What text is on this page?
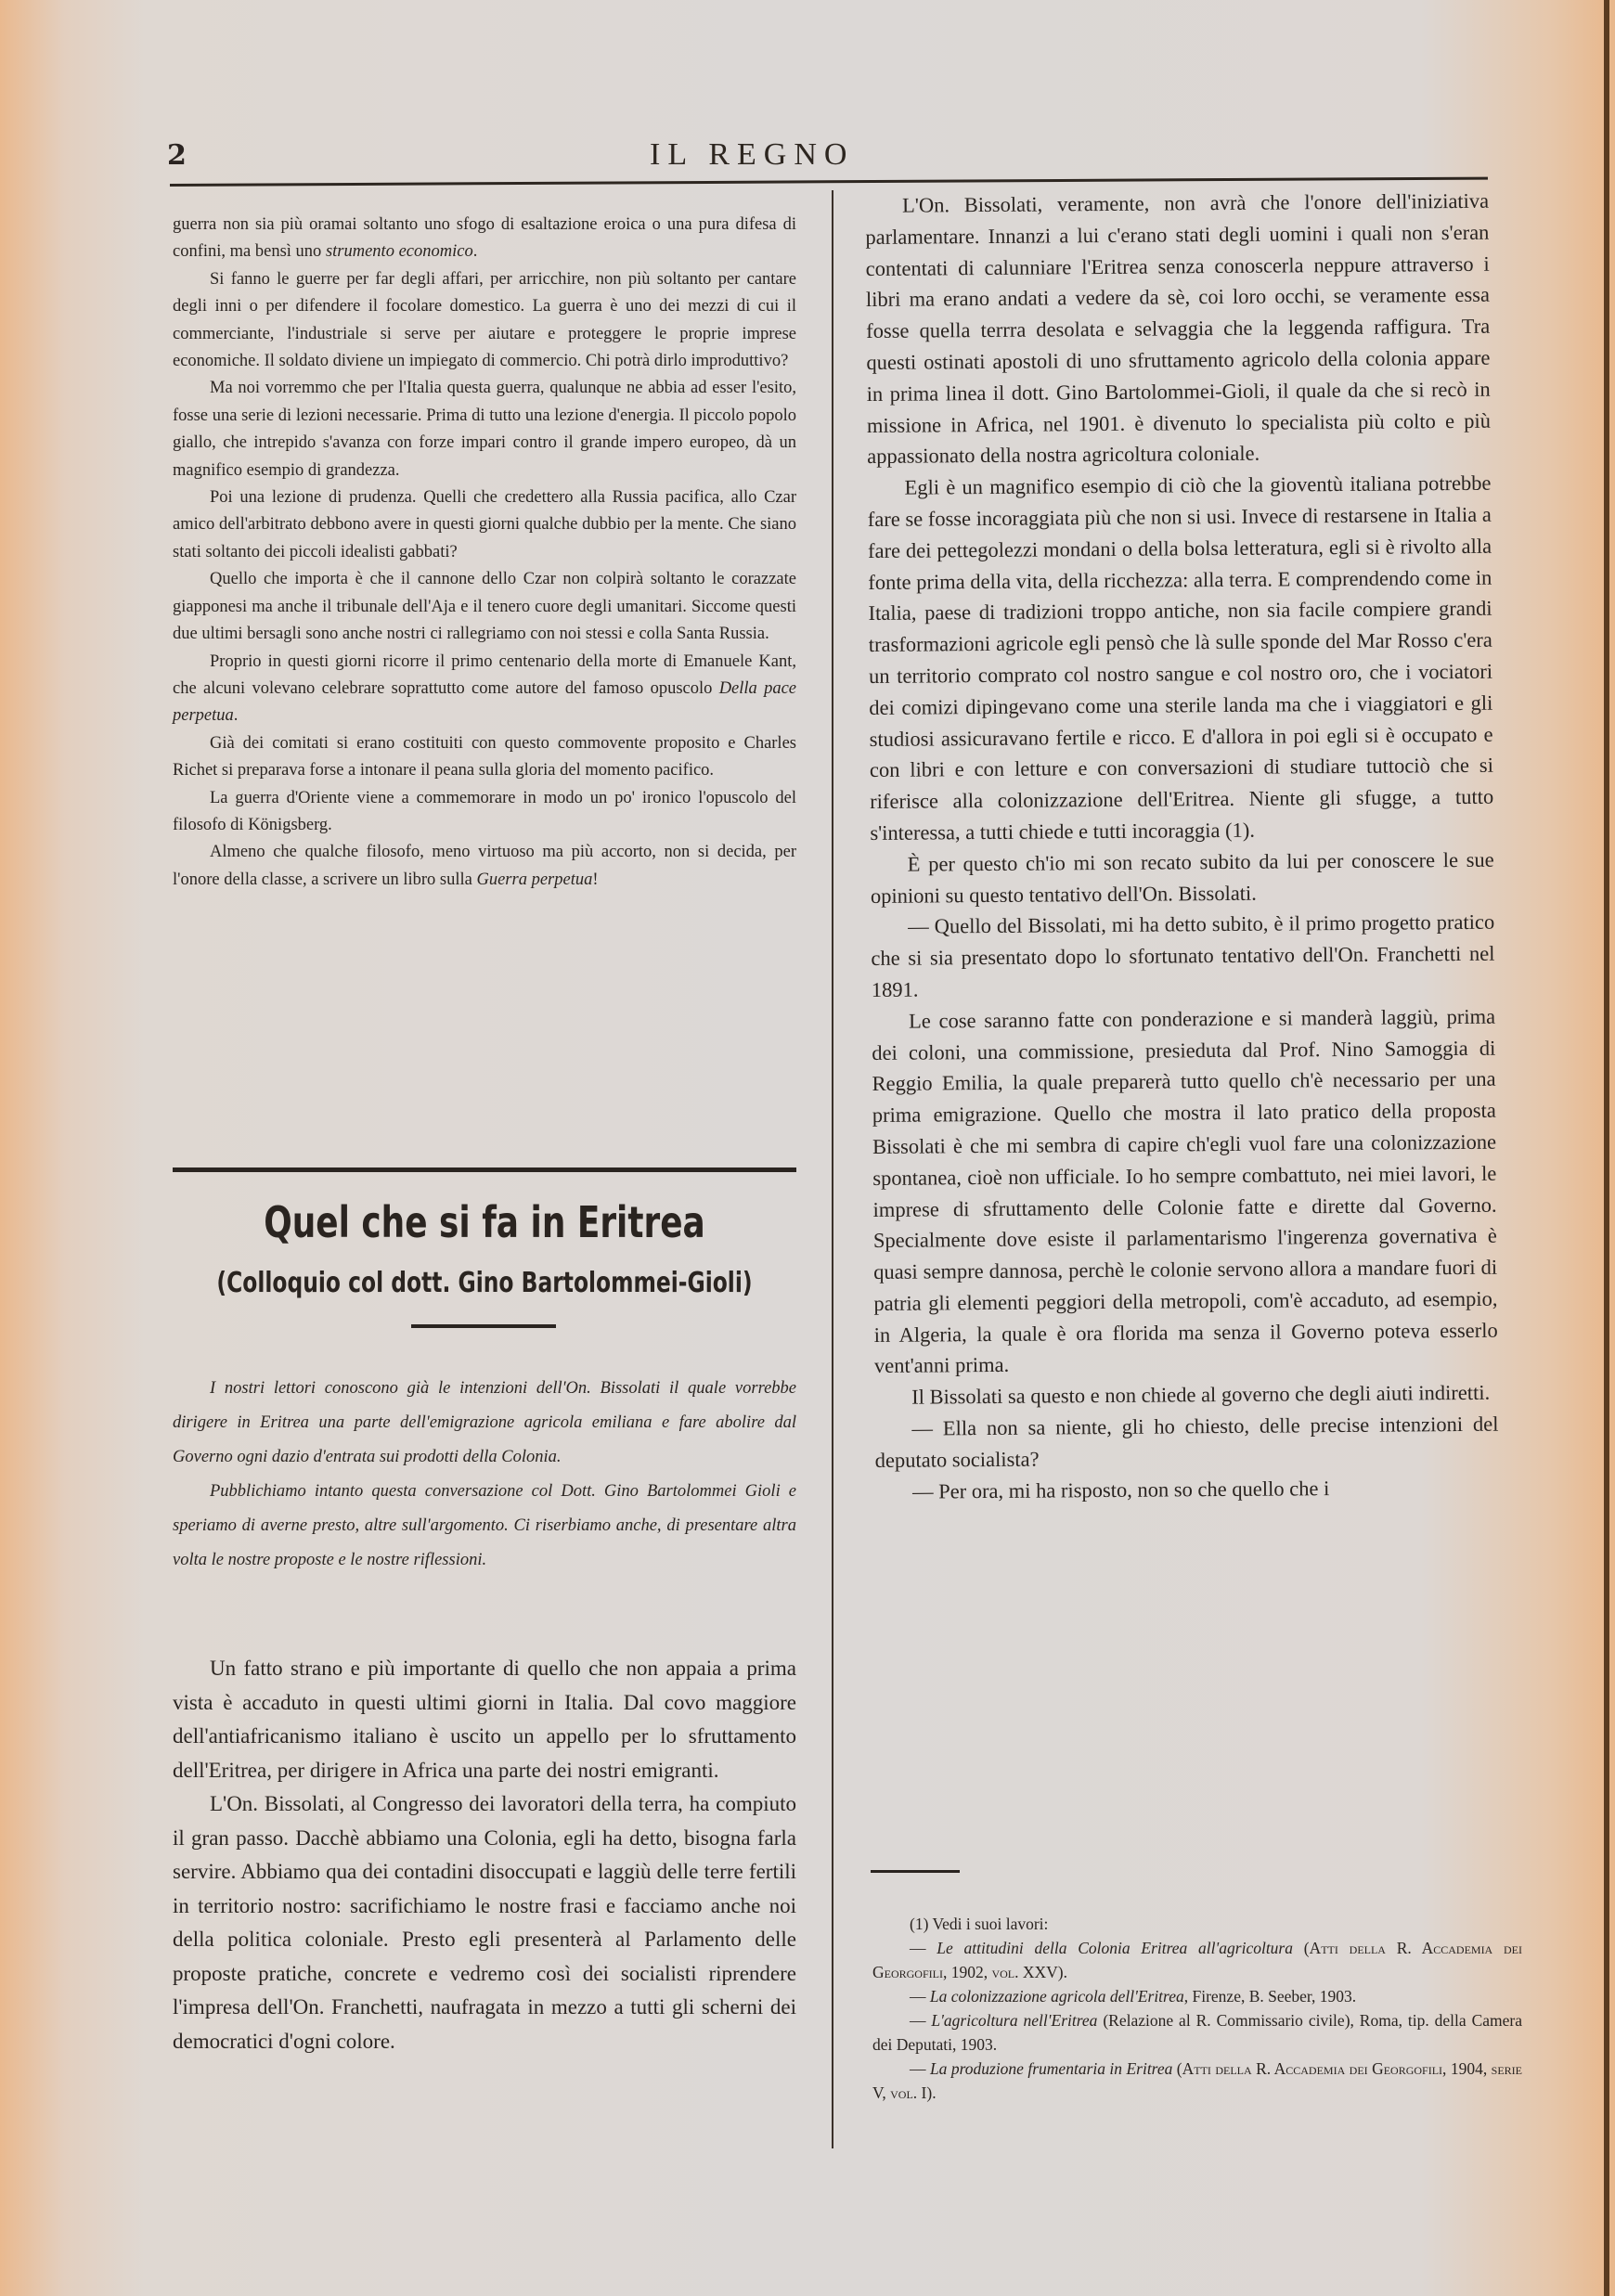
2	IL REGNO

guerra non sia più oramai soltanto uno sfogo di esaltazione eroica o una pura difesa di confini, ma bensì uno strumento economico.

Si fanno le guerre per far degli affari, per arricchire, non più soltanto per cantare degli inni o per difendere il focolare domestico. La guerra è uno dei mezzi di cui il commerciante, l'industriale si serve per aiutare e proteggere le proprie imprese economiche. Il soldato diviene un impiegato di commercio. Chi potrà dirlo improduttivo?

Ma noi vorremmo che per l'Italia questa guerra, qualunque ne abbia ad esser l'esito, fosse una serie di lezioni necessarie. Prima di tutto una lezione d'energia. Il piccolo popolo giallo, che intrepido s'avanza con forze impari contro il grande impero europeo, dà un magnifico esempio di grandezza.

Poi una lezione di prudenza. Quelli che credettero alla Russia pacifica, allo Czar amico dell'arbitrato debbono avere in questi giorni qualche dubbio per la mente. Che siano stati soltanto dei piccoli idealisti gabbati?

Quello che importa è che il cannone dello Czar non colpirà soltanto le corazzate giapponesi ma anche il tribunale dell'Aja e il tenero cuore degli umanitari. Siccome questi due ultimi bersagli sono anche nostri ci rallegriamo con noi stessi e colla Santa Russia.

Proprio in questi giorni ricorre il primo centenario della morte di Emanuele Kant, che alcuni volevano celebrare soprattutto come autore del famoso opuscolo Della pace perpetua.

Già dei comitati si erano costituiti con questo commovente proposito e Charles Richet si preparava forse a intonare il peana sulla gloria del momento pacifico.

La guerra d'Oriente viene a commemorare in modo un po' ironico l'opuscolo del filosofo di Königsberg.

Almeno che qualche filosofo, meno virtuoso ma più accorto, non si decida, per l'onore della classe, a scrivere un libro sulla Guerra perpetua!

Quel che si fa in Eritrea
(Colloquio col dott. Gino Bartolommei-Gioli)

I nostri lettori conoscono già le intenzioni dell'On. Bissolati il quale vorrebbe dirigere in Eritrea una parte dell'emigrazione agricola emiliana e fare abolire dal Governo ogni dazio d'entrata sui prodotti della Colonia.

Pubblichiamo intanto questa conversazione col Dott. Gino Bartolommei Gioli e speriamo di averne presto, altre sull'argomento. Ci riserbiamo anche, di presentare altra volta le nostre proposte e le nostre riflessioni.

Un fatto strano e più importante di quello che non appaia a prima vista è accaduto in questi ultimi giorni in Italia. Dal covo maggiore dell'antiafricanismo italiano è uscito un appello per lo sfruttamento dell'Eritrea, per dirigere in Africa una parte dei nostri emigranti.

L'On. Bissolati, al Congresso dei lavoratori della terra, ha compiuto il gran passo. Dacchè abbiamo una Colonia, egli ha detto, bisogna farla servire. Abbiamo qua dei contadini disoccupati e laggiù delle terre fertili in territorio nostro: sacrifichiamo le nostre frasi e facciamo anche noi della politica coloniale. Presto egli presenterà al Parlamento delle proposte pratiche, concrete e vedremo così dei socialisti riprendere l'impresa dell'On. Franchetti, naufragata in mezzo a tutti gli scherni dei democratici d'ogni colore.

L'On. Bissolati, veramente, non avrà che l'onore dell'iniziativa parlamentare. Innanzi a lui c'erano stati degli uomini i quali non s'eran contentati di calunniare l'Eritrea senza conoscerla neppure attraverso i libri ma erano andati a vedere da sè, coi loro occhi, se veramente essa fosse quella terrra desolata e selvaggia che la leggenda raffigura. Tra questi ostinati apostoli di uno sfruttamento agricolo della colonia appare in prima linea il dott. Gino Bartolommei-Gioli, il quale da che si recò in missione in Africa, nel 1901. è divenuto lo specialista più colto e più appassionato della nostra agricoltura coloniale.

Egli è un magnifico esempio di ciò che la gioventù italiana potrebbe fare se fosse incoraggiata più che non si usi. Invece di restarsene in Italia a fare dei pettegolezzi mondani o della bolsa letteratura, egli si è rivolto alla fonte prima della vita, della ricchezza: alla terra. E comprendendo come in Italia, paese di tradizioni troppo antiche, non sia facile compiere grandi trasformazioni agricole egli pensò che là sulle sponde del Mar Rosso c'era un territorio comprato col nostro sangue e col nostro oro, che i vociatori dei comizi dipingevano come una sterile landa ma che i viaggiatori e gli studiosi assicuravano fertile e ricco. E d'allora in poi egli si è occupato e con libri e con letture e con conversazioni di studiare tuttociò che si riferisce alla colonizzazione dell'Eritrea. Niente gli sfugge, a tutto s'interessa, a tutti chiede e tutti incoraggia (1).

È per questo ch'io mi son recato subito da lui per conoscere le sue opinioni su questo tentativo dell'On. Bissolati.

— Quello del Bissolati, mi ha detto subito, è il primo progetto pratico che si sia presentato dopo lo sfortunato tentativo dell'On. Franchetti nel 1891.

Le cose saranno fatte con ponderazione e si manderà laggiù, prima dei coloni, una commissione, presieduta dal Prof. Nino Samoggia di Reggio Emilia, la quale preparerà tutto quello ch'è necessario per una prima emigrazione. Quello che mostra il lato pratico della proposta Bissolati è che mi sembra di capire ch'egli vuol fare una colonizzazione spontanea, cioè non ufficiale. Io ho sempre combattuto, nei miei lavori, le imprese di sfruttamento delle Colonie fatte e dirette dal Governo. Specialmente dove esiste il parlamentarismo l'ingerenza governativa è quasi sempre dannosa, perchè le colonie servono allora a mandare fuori di patria gli elementi peggiori della metropoli, com'è accaduto, ad esempio, in Algeria, la quale è ora florida ma senza il Governo poteva esserlo vent'anni prima.

Il Bissolati sa questo e non chiede al governo che degli aiuti indiretti.

— Ella non sa niente, gli ho chiesto, delle precise intenzioni del deputato socialista?

— Per ora, mi ha risposto, non so che quello che i

(1) Vedi i suoi lavori:

— Le attitudini della Colonia Eritrea all'agricoltura (Atti della R. Accademia dei Georgofili, 1902, vol. XXV).

— La colonizzazione agricola dell'Eritrea, Firenze, B. Seeber, 1903.

— L'agricoltura nell'Eritrea (Relazione al R. Commissario civile), Roma, tip. della Camera dei Deputati, 1903.

— La produzione frumentaria in Eritrea (Atti della R. Accademia dei Georgofili, 1904, serie V, vol. I).
